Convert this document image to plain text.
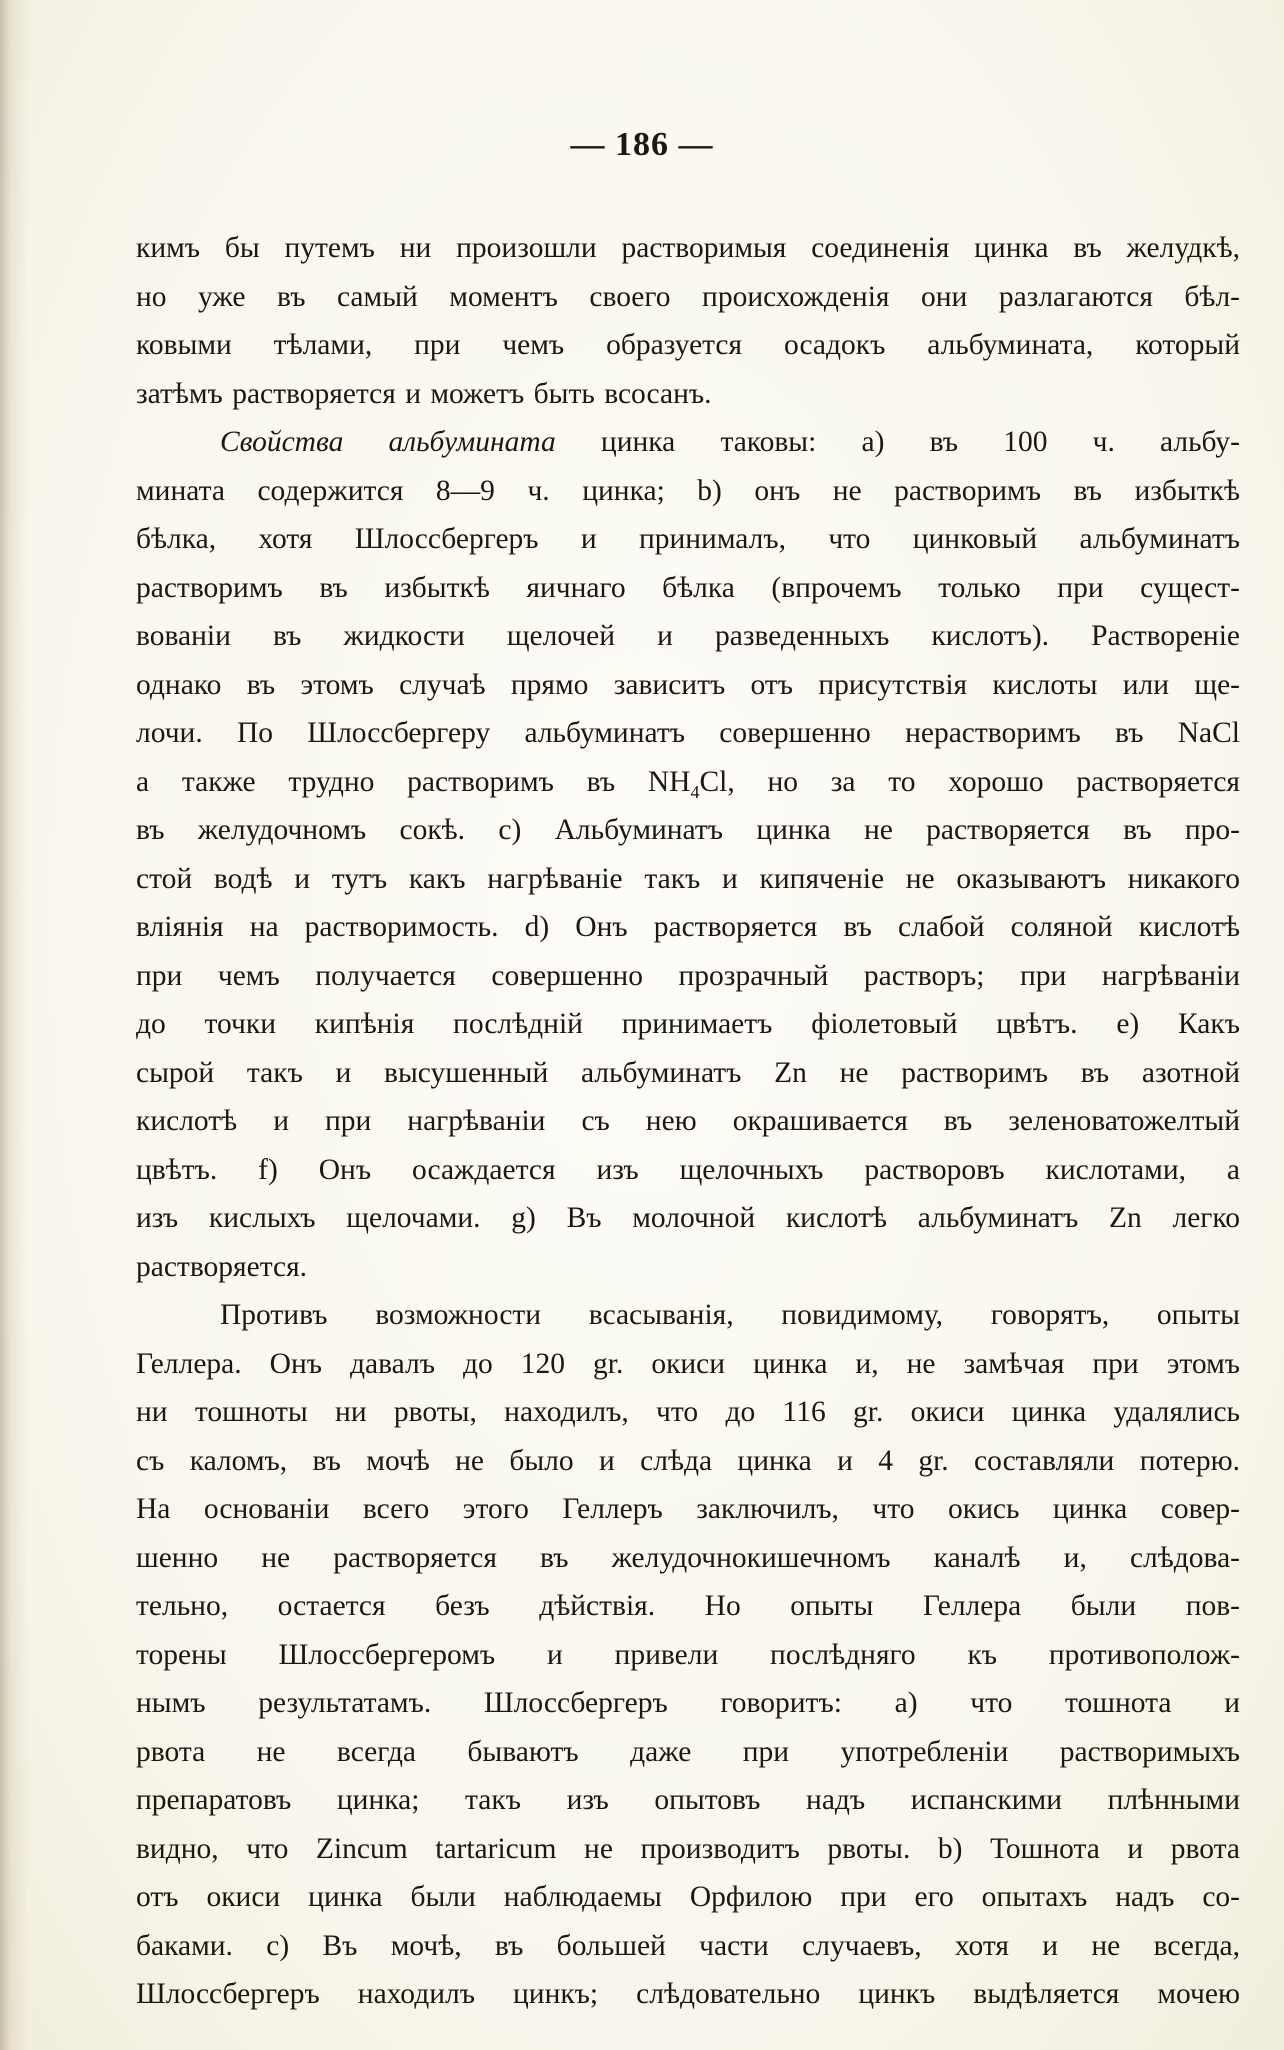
— 186 —
кимъ бы путемъ ни произошли растворимыя соединенія цинка въ желудкѣ,
но уже въ самый моментъ своего происхожденія они разлагаются бѣл-
ковыми тѣлами, при чемъ образуется осадокъ альбумината, который
затѣмъ растворяется и можетъ быть всосанъ.
Свойства альбумината цинка таковы: а) въ 100 ч. альбу-
мината содержится 8—9 ч. цинка; b) онъ не растворимъ въ избыткѣ
бѣлка, хотя Шлоссбергеръ и принималъ, что цинковый альбуминатъ
растворимъ въ избыткѣ яичнаго бѣлка (впрочемъ только при сущест-
вованіи въ жидкости щелочей и разведенныхъ кислотъ). Растворенiе
однако въ этомъ случаѣ прямо зависитъ отъ присутствія кислоты или ще-
лочи. По Шлоссбергеру альбуминатъ совершенно нерастворимъ въ NaCl
а также трудно растворимъ въ $NH_4Cl$, но за то хорошо растворяется
въ желудочномъ сокѣ. с) Альбуминатъ цинка не растворяется въ про-
стой водѣ и тутъ какъ нагрѣваніе такъ и кипяченіе не оказываютъ никакого
вліянія на растворимость. d) Онъ растворяется въ слабой соляной кислотѣ
при чемъ получается совершенно прозрачный растворъ; при нагрѣваніи
до точки кипѣнія послѣдній принимаетъ фіолетовый цвѣтъ. е) Какъ
сырой такъ и высушенный альбуминатъ Zn не растворимъ въ азотной
кислотѣ и при нагрѣваніи съ нею окрашивается въ зеленоватожелтый
цвѣтъ. f) Онъ осаждается изъ щелочныхъ растворовъ кислотами, а
изъ кислыхъ щелочами. g) Въ молочной кислотѣ альбуминатъ Zn легко
растворяется.
Противъ возможности всасыванія, повидимому, говорятъ, опыты
Геллера. Онъ давалъ до 120 gr. окиси цинка и, не замѣчая при этомъ
ни тошноты ни рвоты, находилъ, что до 116 gr. окиси цинка удалялись
съ каломъ, въ мочѣ не было и слѣда цинка и 4 gr. составляли потерю.
На основаніи всего этого Геллеръ заключилъ, что окись цинка совер-
шенно не растворяется въ желудочнокишечномъ каналѣ и, слѣдова-
тельно, остается безъ дѣйствія. Но опыты Геллера были пов-
торены Шлоссбергеромъ и привели послѣдняго къ противополож-
нымъ результатамъ. Шлоссбергеръ говоритъ: а) что тошнота и
рвота не всегда бываютъ даже при употребленіи растворимыхъ
препаратовъ цинка; такъ изъ опытовъ надъ испанскими плѣнными
видно, что Zincum tartaricum не производитъ рвоты. b) Тошнота и рвота
отъ окиси цинка были наблюдаемы Орфилою при его опытахъ надъ со-
баками. с) Въ мочѣ, въ большей части случаевъ, хотя и не всегда,
Шлоссбергеръ находилъ цинкъ; слѣдовательно цинкъ выдѣляется мочею
